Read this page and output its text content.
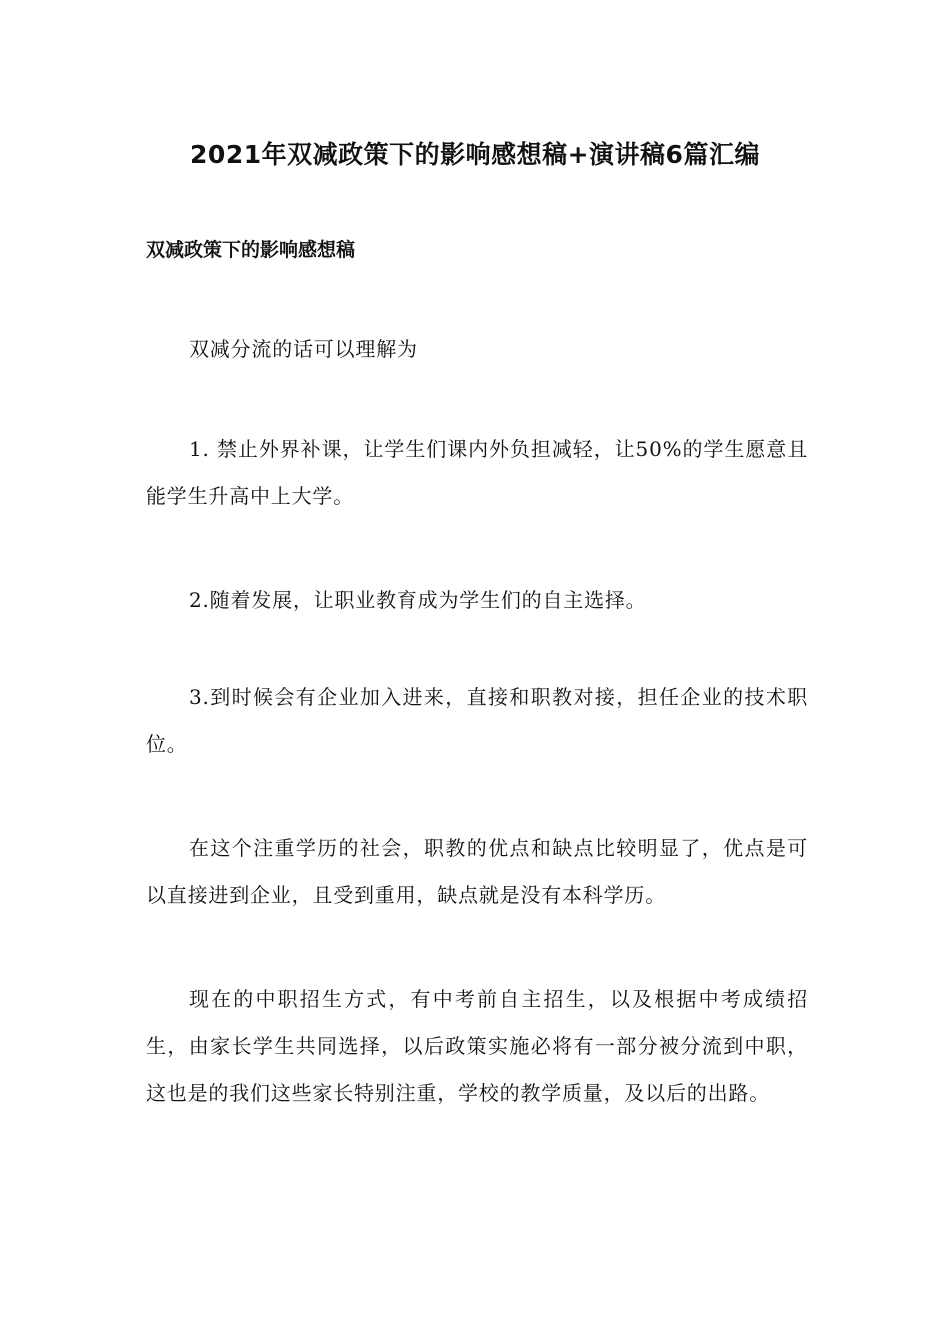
2021年双减政策下的影响感想稿+演讲稿6篇汇编
双减政策下的影响感想稿

双减分流的话可以理解为

1. 禁止外界补课，让学生们课内外负担减轻，让50%的学生愿意且能学生升高中上大学。

2.随着发展，让职业教育成为学生们的自主选择。

3.到时候会有企业加入进来，直接和职教对接，担任企业的技术职位。

在这个注重学历的社会，职教的优点和缺点比较明显了，优点是可以直接进到企业，且受到重用，缺点就是没有本科学历。

现在的中职招生方式，有中考前自主招生，以及根据中考成绩招生，由家长学生共同选择，以后政策实施必将有一部分被分流到中职，这也是的我们这些家长特别注重，学校的教学质量，及以后的出路。
